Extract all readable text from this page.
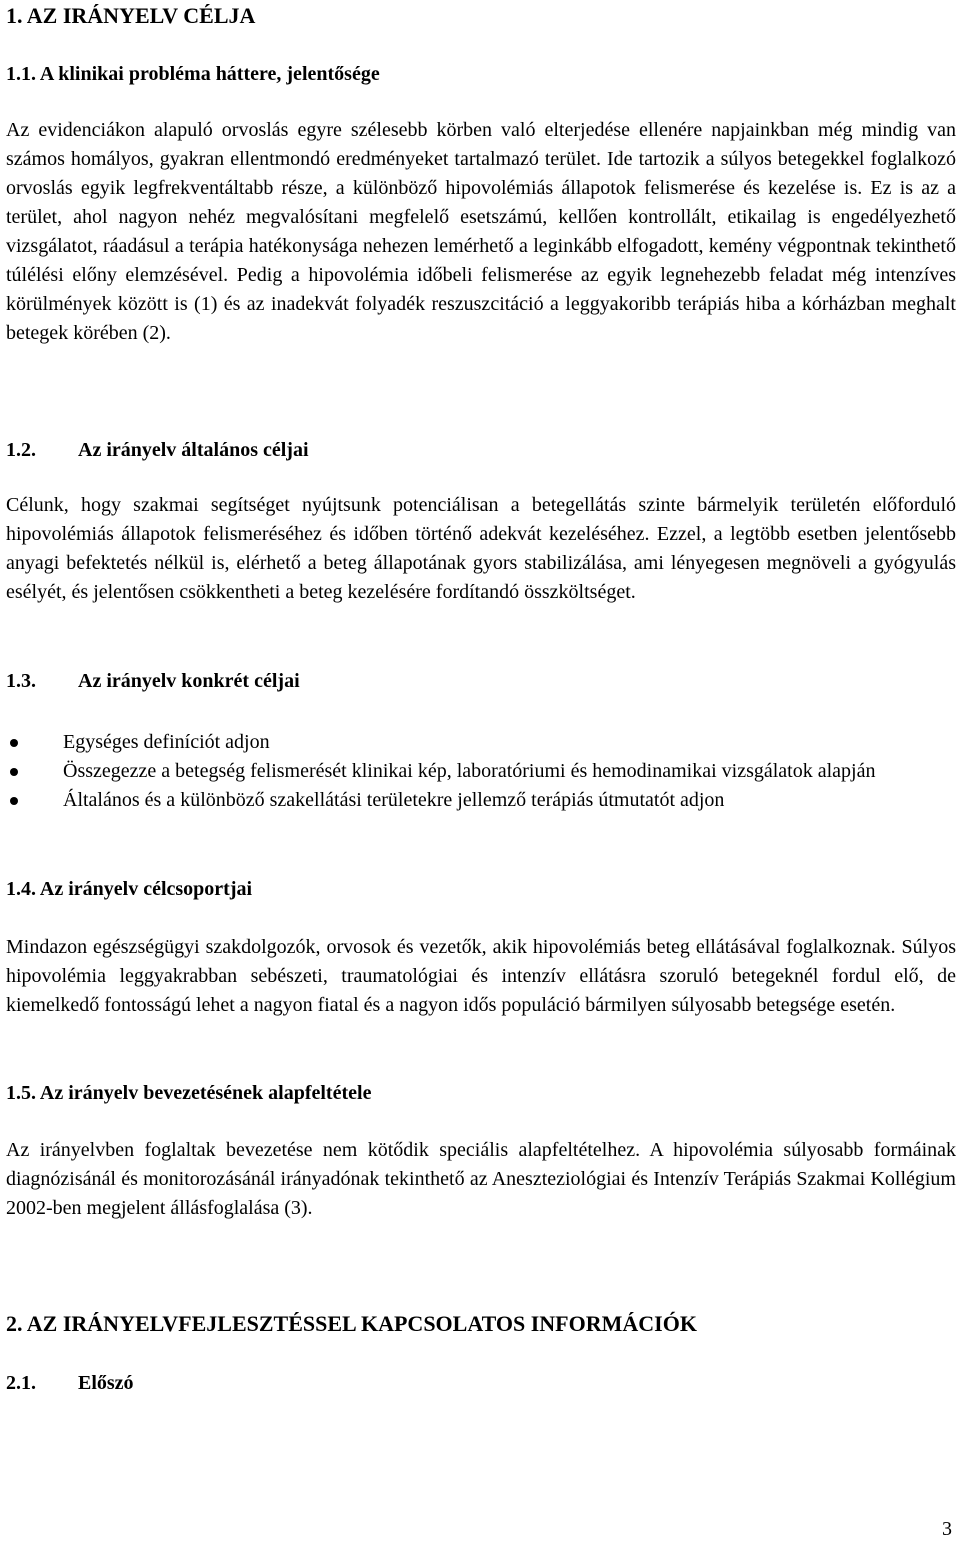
1. AZ IRÁNYELV CÉLJA
1.1. A klinikai probléma háttere, jelentősége

Az evidenciákon alapuló orvoslás egyre szélesebb körben való elterjedése ellenére napjainkban még mindig van számos homályos, gyakran ellentmondó eredményeket tartalmazó terület. Ide tartozik a súlyos betegekkel foglalkozó orvoslás egyik legfrekventáltabb része, a különböző hipovolémiás állapotok felismerése és kezelése is. Ez is az a terület, ahol nagyon nehéz megvalósítani megfelelő esetszámú, kellően kontrollált, etikailag is engedélyezhető vizsgálatot, ráadásul a terápia hatékonysága nehezen lemérhető a leginkább elfogadott, kemény végpontnak tekinthető túlélési előny elemzésével. Pedig a hipovolémia időbeli felismerése az egyik legnehezebb feladat még intenzíves körülmények között is (1) és az inadekvát folyadék reszuszcitáció a leggyakoribb terápiás hiba a kórházban meghalt betegek körében (2).

1.2. Az irányelv általános céljai

Célunk, hogy szakmai segítséget nyújtsunk potenciálisan a betegellátás szinte bármelyik területén előforduló hipovolémiás állapotok felismeréséhez és időben történő adekvát kezeléséhez. Ezzel, a legtöbb esetben jelentősebb anyagi befektetés nélkül is, elérhető a beteg állapotának gyors stabilizálása, ami lényegesen megnöveli a gyógyulás esélyét, és jelentősen csökkentheti a beteg kezelésére fordítandó összköltséget.

1.3. Az irányelv konkrét céljai
Egységes definíciót adjon
Összegezze a betegség felismerését klinikai kép, laboratóriumi és hemodinamikai vizsgálatok alapján
Általános és a különböző szakellátási területekre jellemző terápiás útmutatót adjon
1.4. Az irányelv célcsoportjai

Mindazon egészségügyi szakdolgozók, orvosok és vezetők, akik hipovolémiás beteg ellátásával foglalkoznak. Súlyos hipovolémia leggyakrabban sebészeti, traumatológiai és intenzív ellátásra szoruló betegeknél fordul elő, de kiemelkedő fontosságú lehet a nagyon fiatal és a nagyon idős populáció bármilyen súlyosabb betegsége esetén.

1.5. Az irányelv bevezetésének alapfeltétele

Az irányelvben foglaltak bevezetése nem kötődik speciális alapfeltételhez. A hipovolémia súlyosabb formáinak diagnózisánál és monitorozásánál irányadónak tekinthető az Aneszteziológiai és Intenzív Terápiás Szakmai Kollégium 2002-ben megjelent állásfoglalása (3).

2. AZ IRÁNYELVFEJLESZTÉSSEL KAPCSOLATOS INFORMÁCIÓK
2.1. Előszó

3
